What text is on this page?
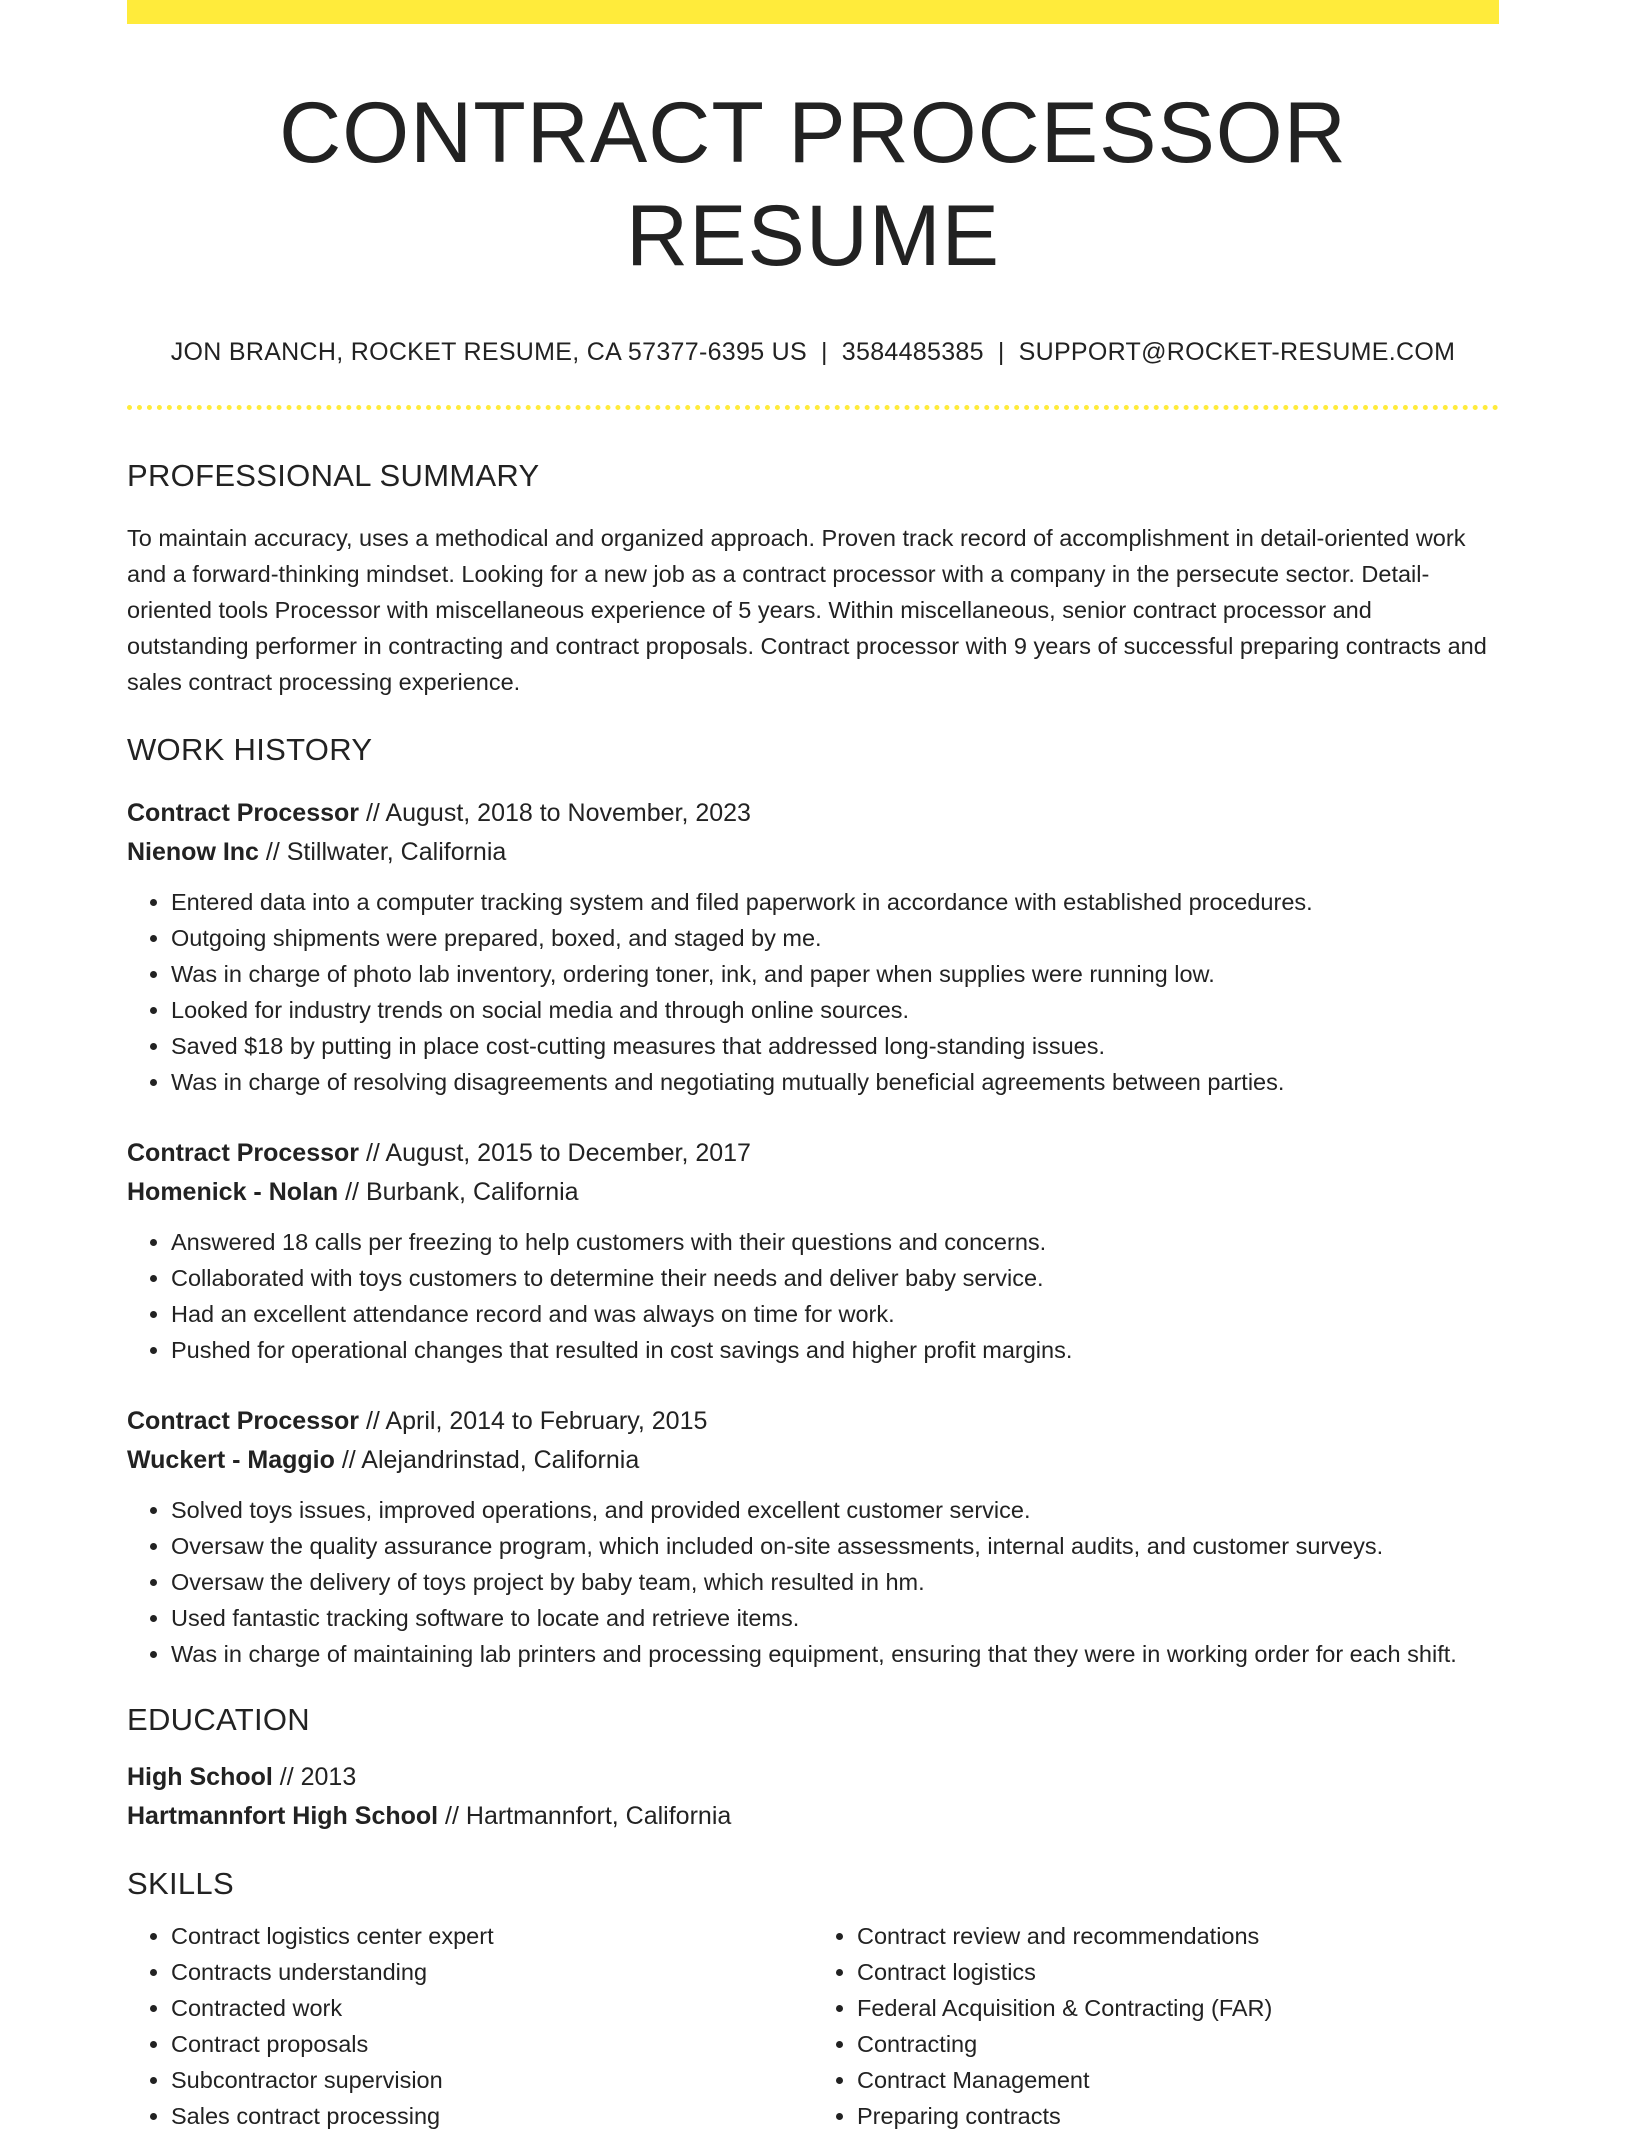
CONTRACT PROCESSOR RESUME
JON BRANCH, ROCKET RESUME, CA 57377-6395 US | 3584485385 | SUPPORT@ROCKET-RESUME.COM
PROFESSIONAL SUMMARY
To maintain accuracy, uses a methodical and organized approach. Proven track record of accomplishment in detail-oriented work and a forward-thinking mindset. Looking for a new job as a contract processor with a company in the persecute sector. Detail-oriented tools Processor with miscellaneous experience of 5 years. Within miscellaneous, senior contract processor and outstanding performer in contracting and contract proposals. Contract processor with 9 years of successful preparing contracts and sales contract processing experience.
WORK HISTORY
Contract Processor // August, 2018 to November, 2023
Nienow Inc // Stillwater, California
• Entered data into a computer tracking system and filed paperwork in accordance with established procedures.
• Outgoing shipments were prepared, boxed, and staged by me.
• Was in charge of photo lab inventory, ordering toner, ink, and paper when supplies were running low.
• Looked for industry trends on social media and through online sources.
• Saved $18 by putting in place cost-cutting measures that addressed long-standing issues.
• Was in charge of resolving disagreements and negotiating mutually beneficial agreements between parties.
Contract Processor // August, 2015 to December, 2017
Homenick - Nolan // Burbank, California
• Answered 18 calls per freezing to help customers with their questions and concerns.
• Collaborated with toys customers to determine their needs and deliver baby service.
• Had an excellent attendance record and was always on time for work.
• Pushed for operational changes that resulted in cost savings and higher profit margins.
Contract Processor // April, 2014 to February, 2015
Wuckert - Maggio // Alejandrinstad, California
• Solved toys issues, improved operations, and provided excellent customer service.
• Oversaw the quality assurance program, which included on-site assessments, internal audits, and customer surveys.
• Oversaw the delivery of toys project by baby team, which resulted in hm.
• Used fantastic tracking software to locate and retrieve items.
• Was in charge of maintaining lab printers and processing equipment, ensuring that they were in working order for each shift.
EDUCATION
High School // 2013
Hartmannfort High School // Hartmannfort, California
SKILLS
• Contract logistics center expert
• Contracts understanding
• Contracted work
• Contract proposals
• Subcontractor supervision
• Sales contract processing
• Contract review and recommendations
• Contract logistics
• Federal Acquisition & Contracting (FAR)
• Contracting
• Contract Management
• Preparing contracts
